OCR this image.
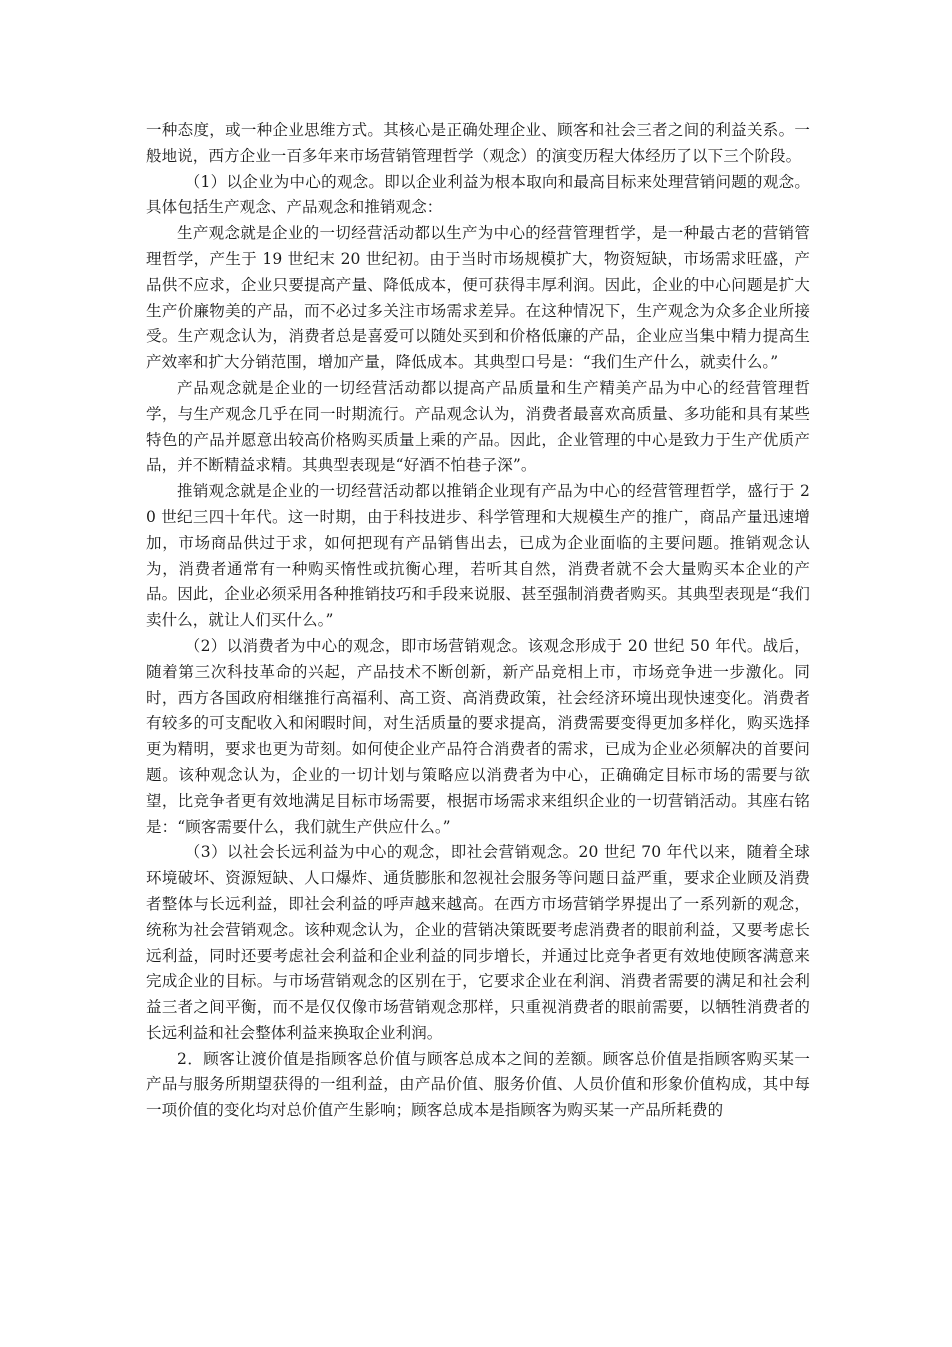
一种态度，或一种企业思维方式。其核心是正确处理企业、顾客和社会三者之间的利益关系。一般地说，西方企业一百多年来市场营销管理哲学（观念）的演变历程大体经历了以下三个阶段。

（1）以企业为中心的观念。即以企业利益为根本取向和最高目标来处理营销问题的观念。具体包括生产观念、产品观念和推销观念：

生产观念就是企业的一切经营活动都以生产为中心的经营管理哲学，是一种最古老的营销管理哲学，产生于 19 世纪末 20 世纪初。由于当时市场规模扩大，物资短缺，市场需求旺盛，产品供不应求，企业只要提高产量、降低成本，便可获得丰厚利润。因此，企业的中心问题是扩大生产价廉物美的产品，而不必过多关注市场需求差异。在这种情况下，生产观念为众多企业所接受。生产观念认为，消费者总是喜爱可以随处买到和价格低廉的产品，企业应当集中精力提高生产效率和扩大分销范围，增加产量，降低成本。其典型口号是：“我们生产什么，就卖什么。”

产品观念就是企业的一切经营活动都以提高产品质量和生产精美产品为中心的经营管理哲学，与生产观念几乎在同一时期流行。产品观念认为，消费者最喜欢高质量、多功能和具有某些特色的产品并愿意出较高价格购买质量上乘的产品。因此，企业管理的中心是致力于生产优质产品，并不断精益求精。其典型表现是“好酒不怕巷子深”。

推销观念就是企业的一切经营活动都以推销企业现有产品为中心的经营管理哲学，盛行于 20 世纪三四十年代。这一时期，由于科技进步、科学管理和大规模生产的推广，商品产量迅速增加，市场商品供过于求，如何把现有产品销售出去，已成为企业面临的主要问题。推销观念认为，消费者通常有一种购买惰性或抗衡心理，若听其自然，消费者就不会大量购买本企业的产品。因此，企业必须采用各种推销技巧和手段来说服、甚至强制消费者购买。其典型表现是“我们卖什么，就让人们买什么。”

（2）以消费者为中心的观念，即市场营销观念。该观念形成于 20 世纪 50 年代。战后，随着第三次科技革命的兴起，产品技术不断创新，新产品竞相上市，市场竞争进一步激化。同时，西方各国政府相继推行高福利、高工资、高消费政策，社会经济环境出现快速变化。消费者有较多的可支配收入和闲暇时间，对生活质量的要求提高，消费需要变得更加多样化，购买选择更为精明，要求也更为苛刻。如何使企业产品符合消费者的需求，已成为企业必须解决的首要问题。该种观念认为，企业的一切计划与策略应以消费者为中心，正确确定目标市场的需要与欲望，比竞争者更有效地满足目标市场需要，根据市场需求来组织企业的一切营销活动。其座右铭是：“顾客需要什么，我们就生产供应什么。”

（3）以社会长远利益为中心的观念，即社会营销观念。20 世纪 70 年代以来，随着全球环境破坏、资源短缺、人口爆炸、通货膨胀和忽视社会服务等问题日益严重，要求企业顾及消费者整体与长远利益，即社会利益的呼声越来越高。在西方市场营销学界提出了一系列新的观念，统称为社会营销观念。该种观念认为，企业的营销决策既要考虑消费者的眼前利益，又要考虑长远利益，同时还要考虑社会利益和企业利益的同步增长，并通过比竞争者更有效地使顾客满意来完成企业的目标。与市场营销观念的区别在于，它要求企业在利润、消费者需要的满足和社会利益三者之间平衡，而不是仅仅像市场营销观念那样，只重视消费者的眼前需要，以牺牲消费者的长远利益和社会整体利益来换取企业利润。

2．顾客让渡价值是指顾客总价值与顾客总成本之间的差额。顾客总价值是指顾客购买某一产品与服务所期望获得的一组利益，由产品价值、服务价值、人员价值和形象价值构成，其中每一项价值的变化均对总价值产生影响；顾客总成本是指顾客为购买某一产品所耗费的
